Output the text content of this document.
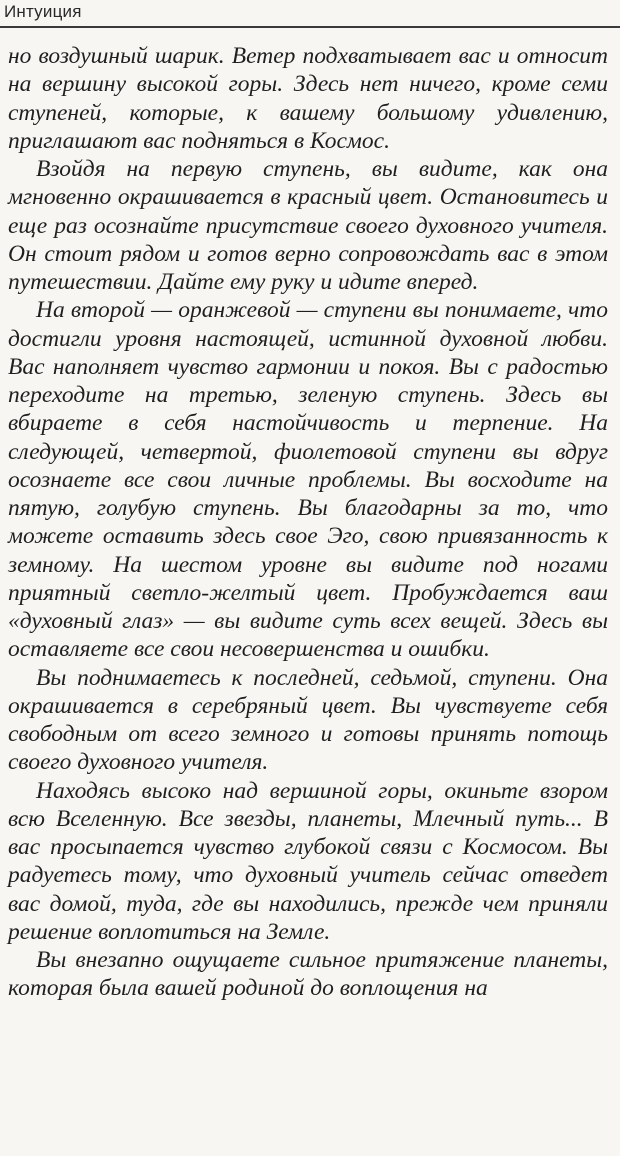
Интуиция

но воздушный шарик. Ветер подхватывает вас и относит на вершину высокой горы. Здесь нет ничего, кроме семи ступеней, которые, к вашему большому удивлению, приглашают вас подняться в Космос.

Взойдя на первую ступень, вы видите, как она мгновенно окрашивается в красный цвет. Остановитесь и еще раз осознайте присутствие своего духовного учителя. Он стоит рядом и готов верно сопровождать вас в этом путешествии. Дайте ему руку и идите вперед.

На второй — оранжевой — ступени вы понимаете, что достигли уровня настоящей, истинной духовной любви. Вас наполняет чувство гармонии и покоя. Вы с радостью переходите на третью, зеленую ступень. Здесь вы вбираете в себя настойчивость и терпение. На следующей, четвертой, фиолетовой ступени вы вдруг осознаете все свои личные проблемы. Вы восходите на пятую, голубую ступень. Вы благодарны за то, что можете оставить здесь свое Эго, свою привязанность к земному. На шестом уровне вы видите под ногами приятный светло-желтый цвет. Пробуждается ваш «духовный глаз» — вы видите суть всех вещей. Здесь вы оставляете все свои несовершенства и ошибки.

Вы поднимаетесь к последней, седьмой, ступени. Она окрашивается в серебряный цвет. Вы чувствуете себя свободным от всего земного и готовы принять поmощь своего духовного учителя.

Находясь высоко над вершиной горы, окиньте взором всю Вселенную. Все звезды, планеты, Млечный путь... В вас просыпается чувство глубокой связи с Космосом. Вы радуетесь тому, что духовный учитель сейчас отведет вас домой, туда, где вы находились, прежде чем приняли решение воплотиться на Земле.

Вы внезапно ощущаете сильное притяжение планеты, которая была вашей родиной до воплощения на
